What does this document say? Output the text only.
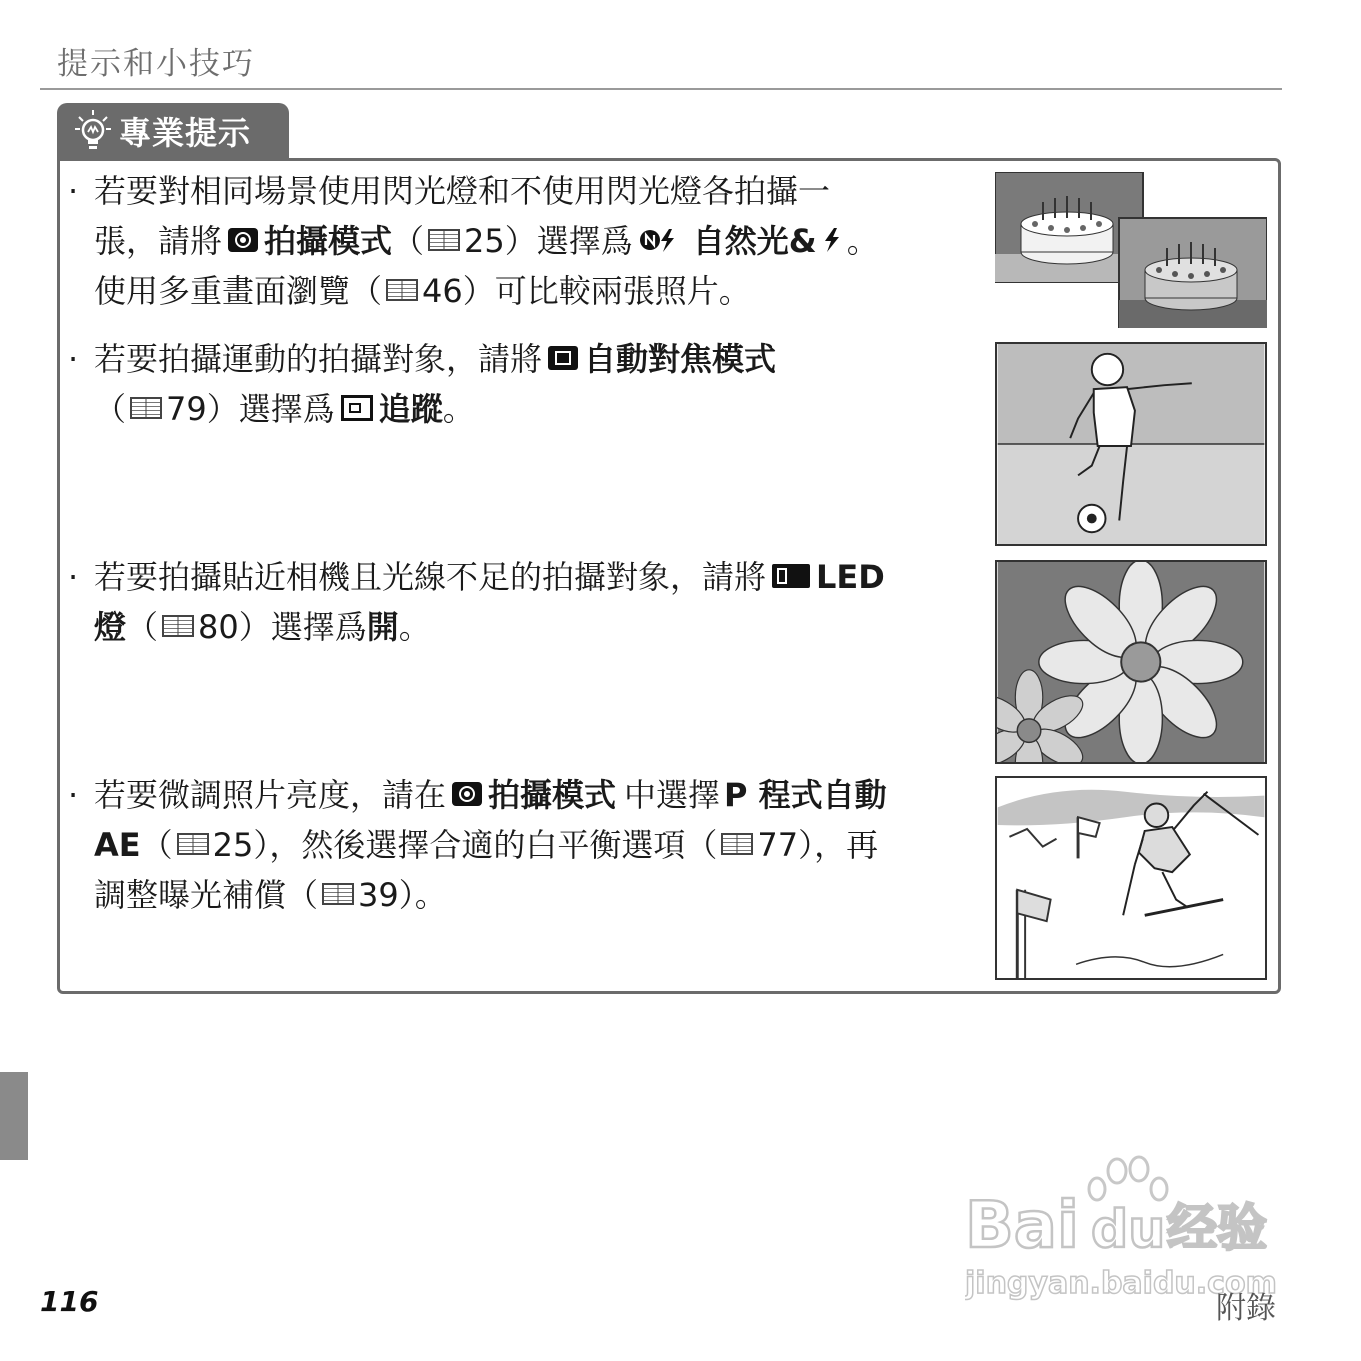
提示和小技巧
專業提示
· 若要對相同場景使用閃光燈和不使用閃光燈各拍攝一
張，請將 拍攝模式（ 25）選擇爲 自然光& 。
使用多重畫面瀏覽（ 46）可比較兩張照片。
· 若要拍攝運動的拍攝對象，請將 自動對焦模式
（ 79）選擇爲 追蹤。
· 若要拍攝貼近相機且光線不足的拍攝對象，請將 LED
燈（ 80）選擇爲開。
· 若要微調照片亮度，請在 拍攝模式 中選擇 P 程式自動
AE（ 25），然後選擇合適的白平衡選項（ 77），再
調整曝光補償（ 39）。
116
Bai du 经验
jingyan.baidu.com
附錄
